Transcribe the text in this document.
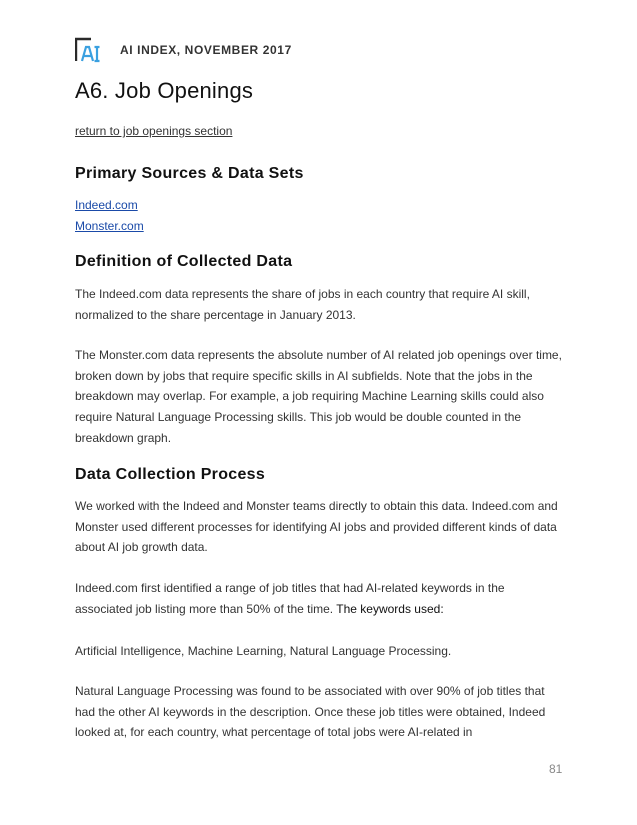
AI INDEX, NOVEMBER 2017
A6. Job Openings
return to job openings section
Primary Sources & Data Sets
Indeed.com
Monster.com
Definition of Collected Data

The Indeed.com data represents the share of jobs in each country that require AI skill, normalized to the share percentage in January 2013.

The Monster.com data represents the absolute number of AI related job openings over time, broken down by jobs that require specific skills in AI subfields. Note that the jobs in the breakdown may overlap. For example, a job requiring Machine Learning skills could also require Natural Language Processing skills. This job would be double counted in the breakdown graph.

Data Collection Process

We worked with the Indeed and Monster teams directly to obtain this data. Indeed.com and Monster used different processes for identifying AI jobs and provided different kinds of data about AI job growth data.

Indeed.com first identified a range of job titles that had AI-related keywords in the associated job listing more than 50% of the time. The keywords used:

Artificial Intelligence, Machine Learning, Natural Language Processing.

Natural Language Processing was found to be associated with over 90% of job titles that had the other AI keywords in the description. Once these job titles were obtained, Indeed looked at, for each country, what percentage of total jobs were AI-related in

81
